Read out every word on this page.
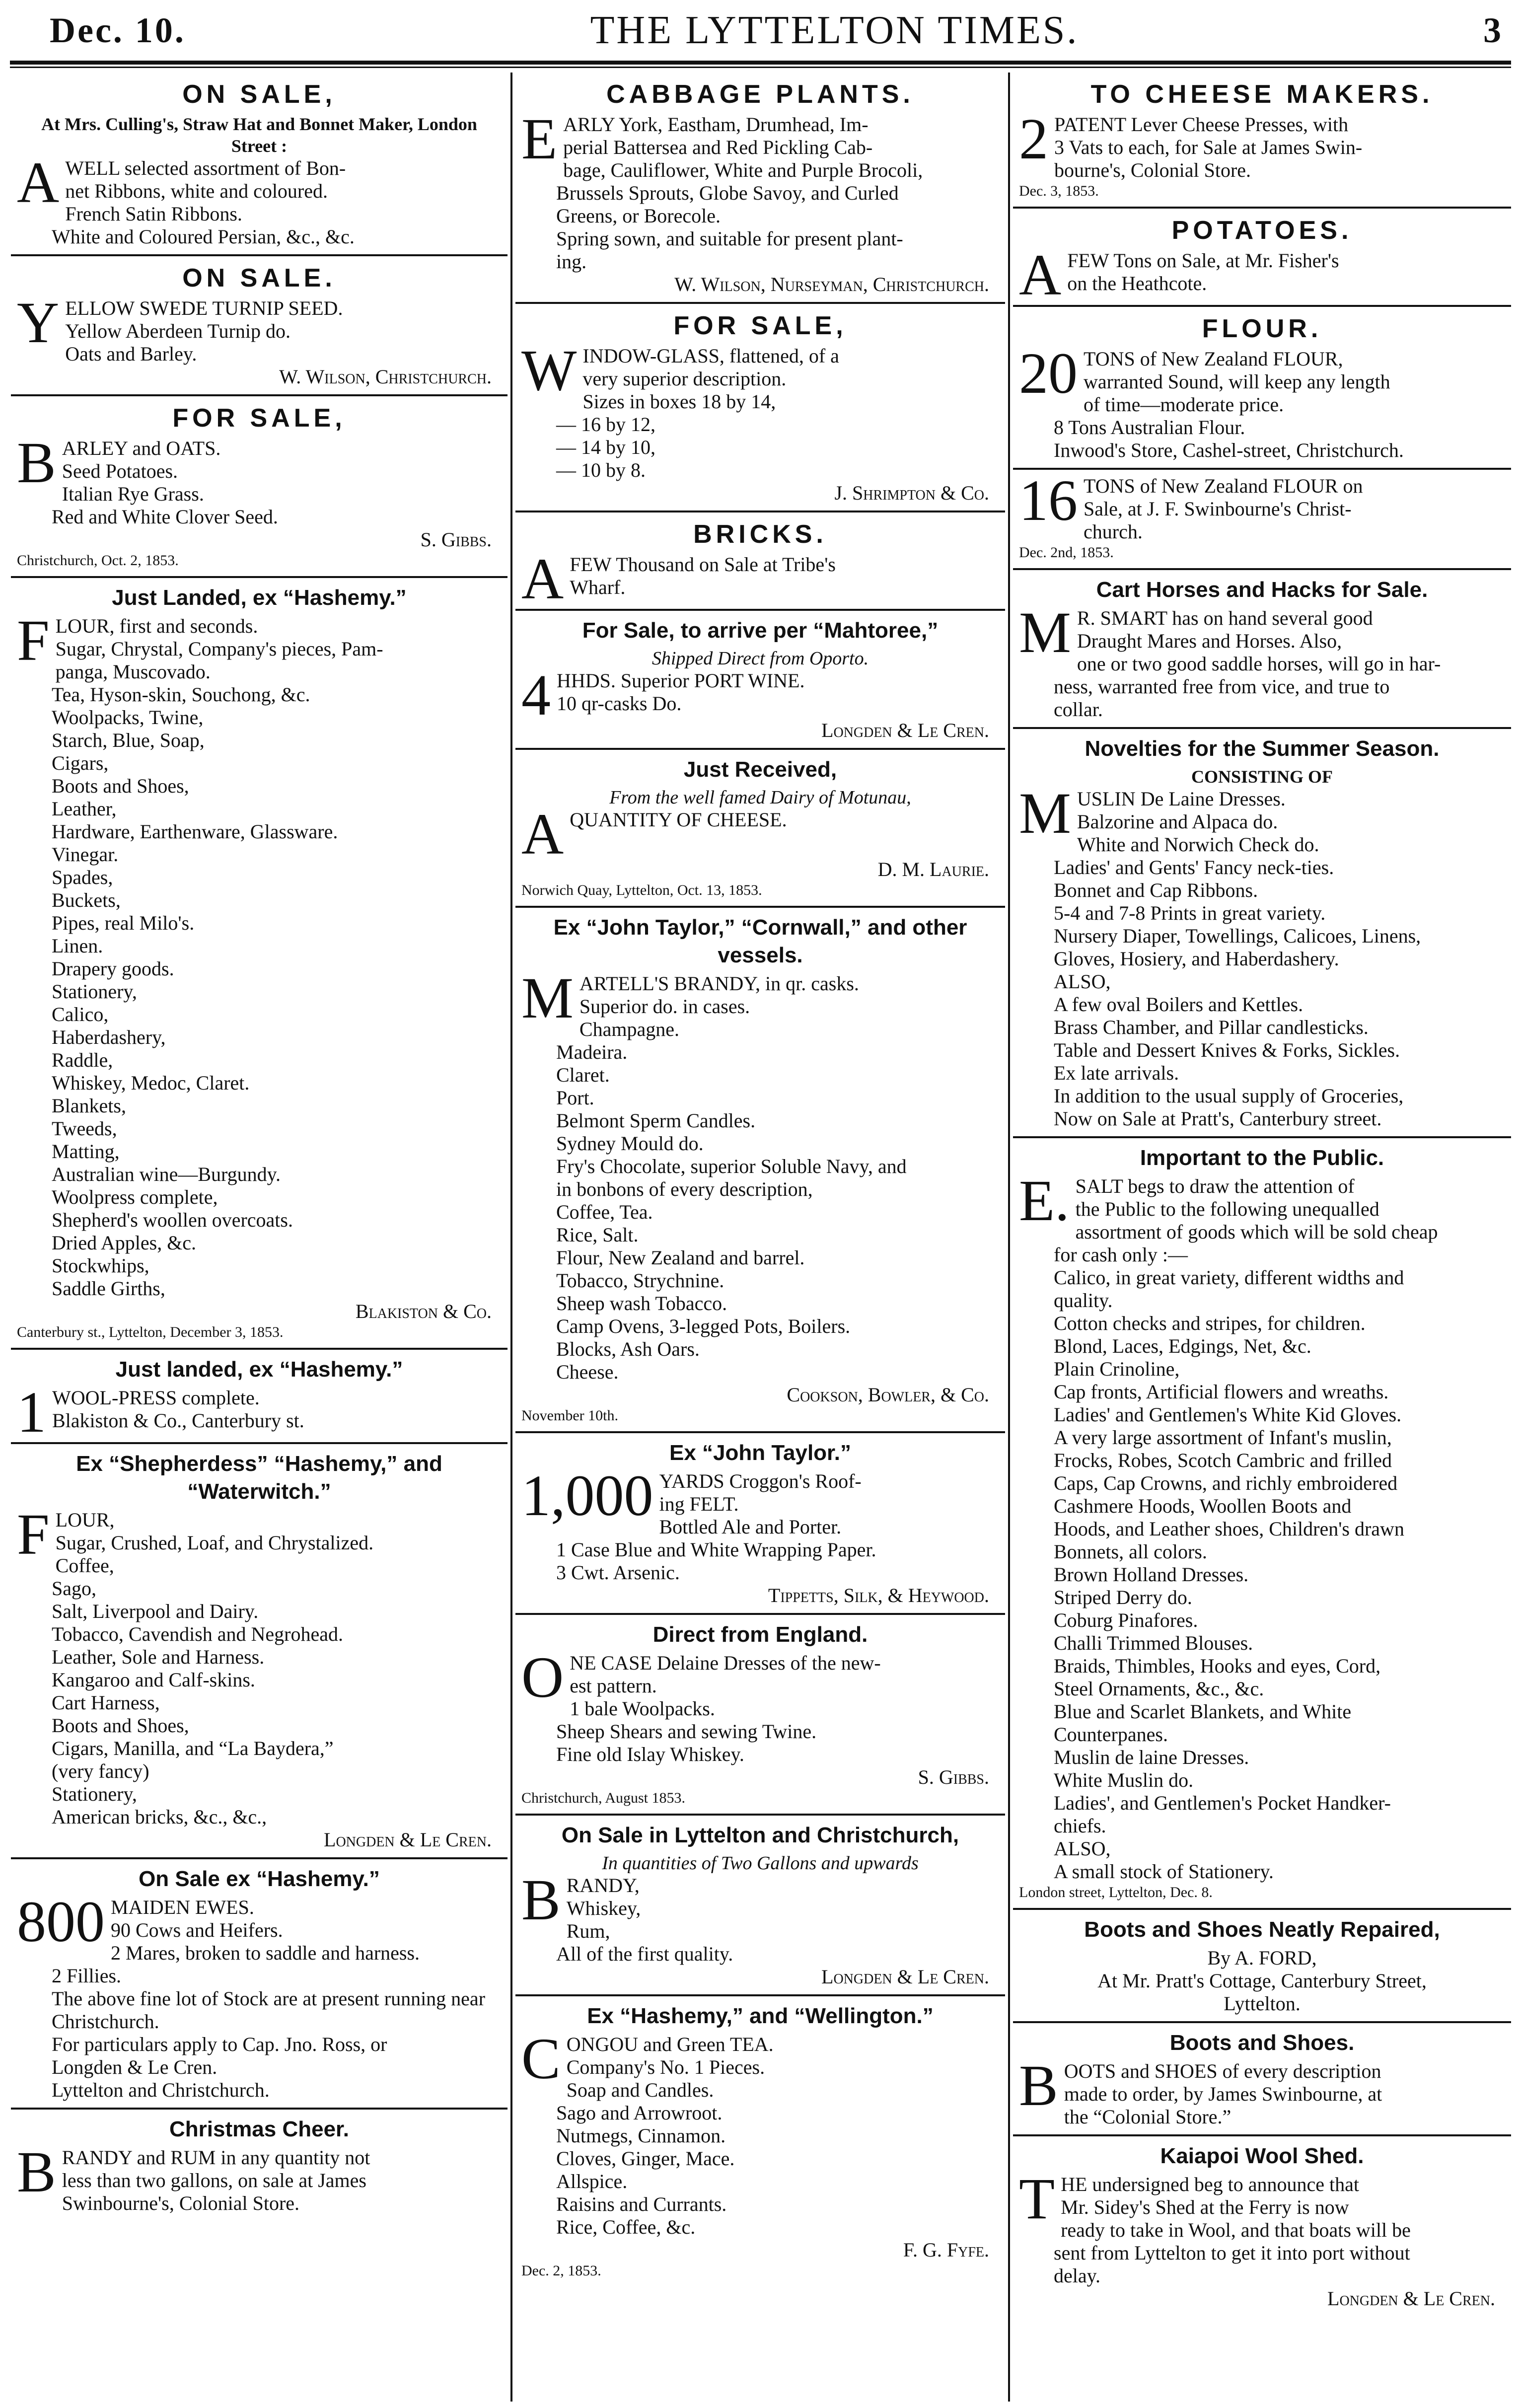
Dec. 10.	THE LYTTELTON TIMES.	3
ON SALE,
At Mrs. Culling's, Straw Hat and Bonnet Maker, London Street :
A WELL selected assortment of Bon-
net Ribbons, white and coloured.
French Satin Ribbons.
White and Coloured Persian, &c., &c.
ON SALE.
Y ELLOW SWEDE TURNIP SEED.
Yellow Aberdeen Turnip do.
Oats and Barley.
W. Wilson, Christchurch.
FOR SALE,
B ARLEY and OATS.
Seed Potatoes.
Italian Rye Grass.
Red and White Clover Seed.
S. Gibbs.
Christchurch, Oct. 2, 1853.
Just Landed, ex “Hashemy.”
F LOUR, first and seconds.
Sugar, Chrystal, Company's pieces, Pam-
panga, Muscovado.
Tea, Hyson-skin, Souchong, &c.
Woolpacks, Twine,
Starch, Blue, Soap,
Cigars,
Boots and Shoes,
Leather,
Hardware, Earthenware, Glassware.
Vinegar.
Spades,
Buckets,
Pipes, real Milo's.
Linen.
Drapery goods.
Stationery,
Calico,
Haberdashery,
Raddle,
Whiskey, Medoc, Claret.
Blankets,
Tweeds,
Matting,
Australian wine—Burgundy.
Woolpress complete,
Shepherd's woollen overcoats.
Dried Apples, &c.
Stockwhips,
Saddle Girths,
Blakiston & Co.
Canterbury st., Lyttelton, December 3, 1853.
Just landed, ex “Hashemy.”
1 WOOL-PRESS complete.
Blakiston & Co., Canterbury st.
Ex “Shepherdess” “Hashemy,” and “Waterwitch.”
F LOUR,
Sugar, Crushed, Loaf, and Chrystalized.
Coffee,
Sago,
Salt, Liverpool and Dairy.
Tobacco, Cavendish and Negrohead.
Leather, Sole and Harness.
Kangaroo and Calf-skins.
Cart Harness,
Boots and Shoes,
Cigars, Manilla, and “La Baydera,”
(very fancy)
Stationery,
American bricks, &c., &c.,
Longden & Le Cren.
On Sale ex “Hashemy.”
800 MAIDEN EWES.
90 Cows and Heifers.
2 Mares, broken to saddle and harness.
2 Fillies.
The above fine lot of Stock are at present running near Christchurch.
For particulars apply to Cap. Jno. Ross, or
Longden & Le Cren.
Lyttelton and Christchurch.
Christmas Cheer.
B RANDY and RUM in any quantity not
less than two gallons, on sale at James
Swinbourne's, Colonial Store.
CABBAGE PLANTS.
E ARLY York, Eastham, Drumhead, Im-
perial Battersea and Red Pickling Cab-
bage, Cauliflower, White and Purple Brocoli,
Brussels Sprouts, Globe Savoy, and Curled
Greens, or Borecole.
Spring sown, and suitable for present plant-
ing.
W. Wilson, Nurseyman, Christchurch.
FOR SALE,
W INDOW-GLASS, flattened, of a
very superior description.
Sizes in boxes 18 by 14,
— 16 by 12,
— 14 by 10,
— 10 by 8.
J. Shrimpton & Co.
BRICKS.
A FEW Thousand on Sale at Tribe's
Wharf.
For Sale, to arrive per “Mahtoree,”
Shipped Direct from Oporto.
4 HHDS. Superior PORT WINE.
10 qr-casks Do.
Longden & Le Cren.
Just Received,
From the well famed Dairy of Motunau,
A QUANTITY OF CHEESE.
D. M. Laurie.
Norwich Quay, Lyttelton, Oct. 13, 1853.
Ex “John Taylor,” “Cornwall,” and other vessels.
M ARTELL'S BRANDY, in qr. casks.
Superior do. in cases.
Champagne.
Madeira.
Claret.
Port.
Belmont Sperm Candles.
Sydney Mould do.
Fry's Chocolate, superior Soluble Navy, and
in bonbons of every description,
Coffee, Tea.
Rice, Salt.
Flour, New Zealand and barrel.
Tobacco, Strychnine.
Sheep wash Tobacco.
Camp Ovens, 3-legged Pots, Boilers.
Blocks, Ash Oars.
Cheese.
Cookson, Bowler, & Co.
November 10th.
Ex “John Taylor.”
1,000 YARDS Croggon's Roof-
ing FELT.
Bottled Ale and Porter.
1 Case Blue and White Wrapping Paper.
3 Cwt. Arsenic.
Tippetts, Silk, & Heywood.
Direct from England.
O NE CASE Delaine Dresses of the new-
est pattern.
1 bale Woolpacks.
Sheep Shears and sewing Twine.
Fine old Islay Whiskey.
S. Gibbs.
Christchurch, August 1853.
On Sale in Lyttelton and Christchurch,
In quantities of Two Gallons and upwards
B RANDY,
Whiskey,
Rum,
All of the first quality.
Longden & Le Cren.
Ex “Hashemy,” and “Wellington.”
C ONGOU and Green TEA.
Company's No. 1 Pieces.
Soap and Candles.
Sago and Arrowroot.
Nutmegs, Cinnamon.
Cloves, Ginger, Mace.
Allspice.
Raisins and Currants.
Rice, Coffee, &c.
F. G. Fyfe.
Dec. 2, 1853.
TO CHEESE MAKERS.
2 PATENT Lever Cheese Presses, with
3 Vats to each, for Sale at James Swin-
bourne's, Colonial Store.
Dec. 3, 1853.
POTATOES.
A FEW Tons on Sale, at Mr. Fisher's
on the Heathcote.
FLOUR.
20 TONS of New Zealand FLOUR,
warranted Sound, will keep any length
of time—moderate price.
8 Tons Australian Flour.
Inwood's Store, Cashel-street, Christchurch.
16 TONS of New Zealand FLOUR on
Sale, at J. F. Swinbourne's Christ-
church.
Dec. 2nd, 1853.
Cart Horses and Hacks for Sale.
M R. SMART has on hand several good
Draught Mares and Horses. Also,
one or two good saddle horses, will go in har-
ness, warranted free from vice, and true to
collar.
Novelties for the Summer Season.
CONSISTING OF
M USLIN De Laine Dresses.
Balzorine and Alpaca do.
White and Norwich Check do.
Ladies' and Gents' Fancy neck-ties.
Bonnet and Cap Ribbons.
5-4 and 7-8 Prints in great variety.
Nursery Diaper, Towellings, Calicoes, Linens,
Gloves, Hosiery, and Haberdashery.
ALSO,
A few oval Boilers and Kettles.
Brass Chamber, and Pillar candlesticks.
Table and Dessert Knives & Forks, Sickles.
Ex late arrivals.
In addition to the usual supply of Groceries,
Now on Sale at Pratt's, Canterbury street.
Important to the Public.
E. SALT begs to draw the attention of
the Public to the following unequalled
assortment of goods which will be sold cheap
for cash only :—
Calico, in great variety, different widths and
quality.
Cotton checks and stripes, for children.
Blond, Laces, Edgings, Net, &c.
Plain Crinoline,
Cap fronts, Artificial flowers and wreaths.
Ladies' and Gentlemen's White Kid Gloves.
A very large assortment of Infant's muslin,
Frocks, Robes, Scotch Cambric and frilled
Caps, Cap Crowns, and richly embroidered
Cashmere Hoods, Woollen Boots and
Hoods, and Leather shoes, Children's drawn
Bonnets, all colors.
Brown Holland Dresses.
Striped Derry do.
Coburg Pinafores.
Challi Trimmed Blouses.
Braids, Thimbles, Hooks and eyes, Cord,
Steel Ornaments, &c., &c.
Blue and Scarlet Blankets, and White
Counterpanes.
Muslin de laine Dresses.
White Muslin do.
Ladies', and Gentlemen's Pocket Handker-
chiefs.
ALSO,
A small stock of Stationery.
London street, Lyttelton, Dec. 8.
Boots and Shoes Neatly Repaired,
By A. FORD,
At Mr. Pratt's Cottage, Canterbury Street,
Lyttelton.
Boots and Shoes.
B OOTS and SHOES of every description
made to order, by James Swinbourne, at
the “Colonial Store.”
Kaiapoi Wool Shed.
T HE undersigned beg to announce that
Mr. Sidey's Shed at the Ferry is now
ready to take in Wool, and that boats will be
sent from Lyttelton to get it into port without
delay.
Longden & Le Cren.
